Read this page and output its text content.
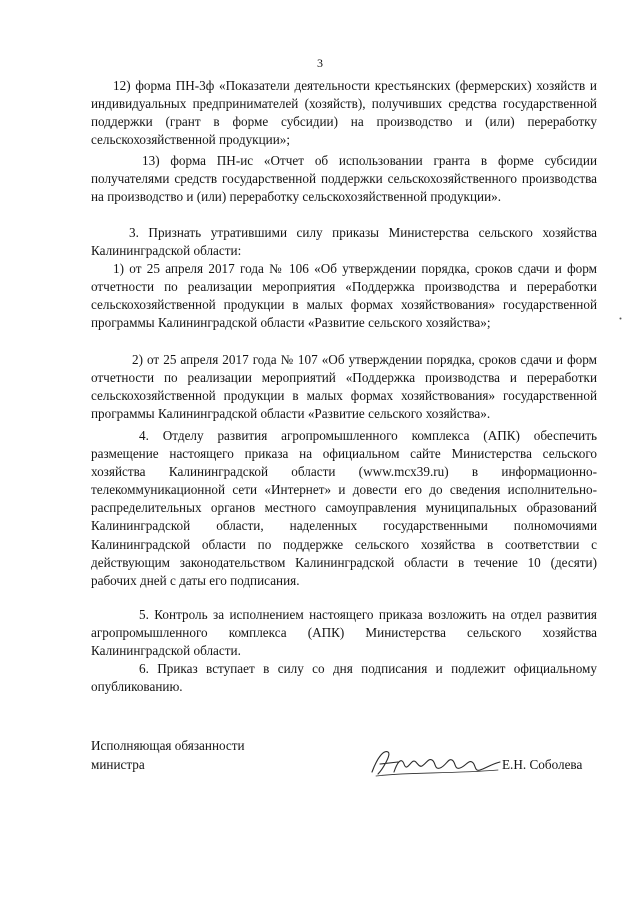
3

12) форма ПН-3ф «Показатели деятельности крестьянских (фермерских) хозяйств и индивидуальных предпринимателей (хозяйств), получивших средства государственной поддержки (грант в форме субсидии) на производство и (или) переработку сельскохозяйственной продукции»;

13) форма ПН-ис «Отчет об использовании гранта в форме субсидии получателями средств государственной поддержки сельскохозяйственного производства на производство и (или) переработку сельскохозяйственной продукции».

3. Признать утратившими силу приказы Министерства сельского хозяйства Калининградской области:

1) от 25 апреля 2017 года № 106 «Об утверждении порядка, сроков сдачи и форм отчетности по реализации мероприятия «Поддержка производства и переработки сельскохозяйственной продукции в малых формах хозяйствования» государственной программы Калининградской области «Развитие сельского хозяйства»;

2) от 25 апреля 2017 года № 107 «Об утверждении порядка, сроков сдачи и форм отчетности по реализации мероприятий «Поддержка производства и переработки сельскохозяйственной продукции в малых формах хозяйствования» государственной программы Калининградской области «Развитие сельского хозяйства».

4. Отделу развития агропромышленного комплекса (АПК) обеспечить размещение настоящего приказа на официальном сайте Министерства сельского хозяйства Калининградской области (www.mcx39.ru) в информационно-телекоммуникационной сети «Интернет» и довести его до сведения исполнительно-распределительных органов местного самоуправления муниципальных образований Калининградской области, наделенных государственными полномочиями Калининградской области по поддержке сельского хозяйства в соответствии с действующим законодательством Калининградской области в течение 10 (десяти) рабочих дней с даты его подписания.

5. Контроль за исполнением настоящего приказа возложить на отдел развития агропромышленного комплекса (АПК) Министерства сельского хозяйства Калининградской области.

6. Приказ вступает в силу со дня подписания и подлежит официальному опубликованию.

Исполняющая обязанности
министра	Е.Н. Соболева
